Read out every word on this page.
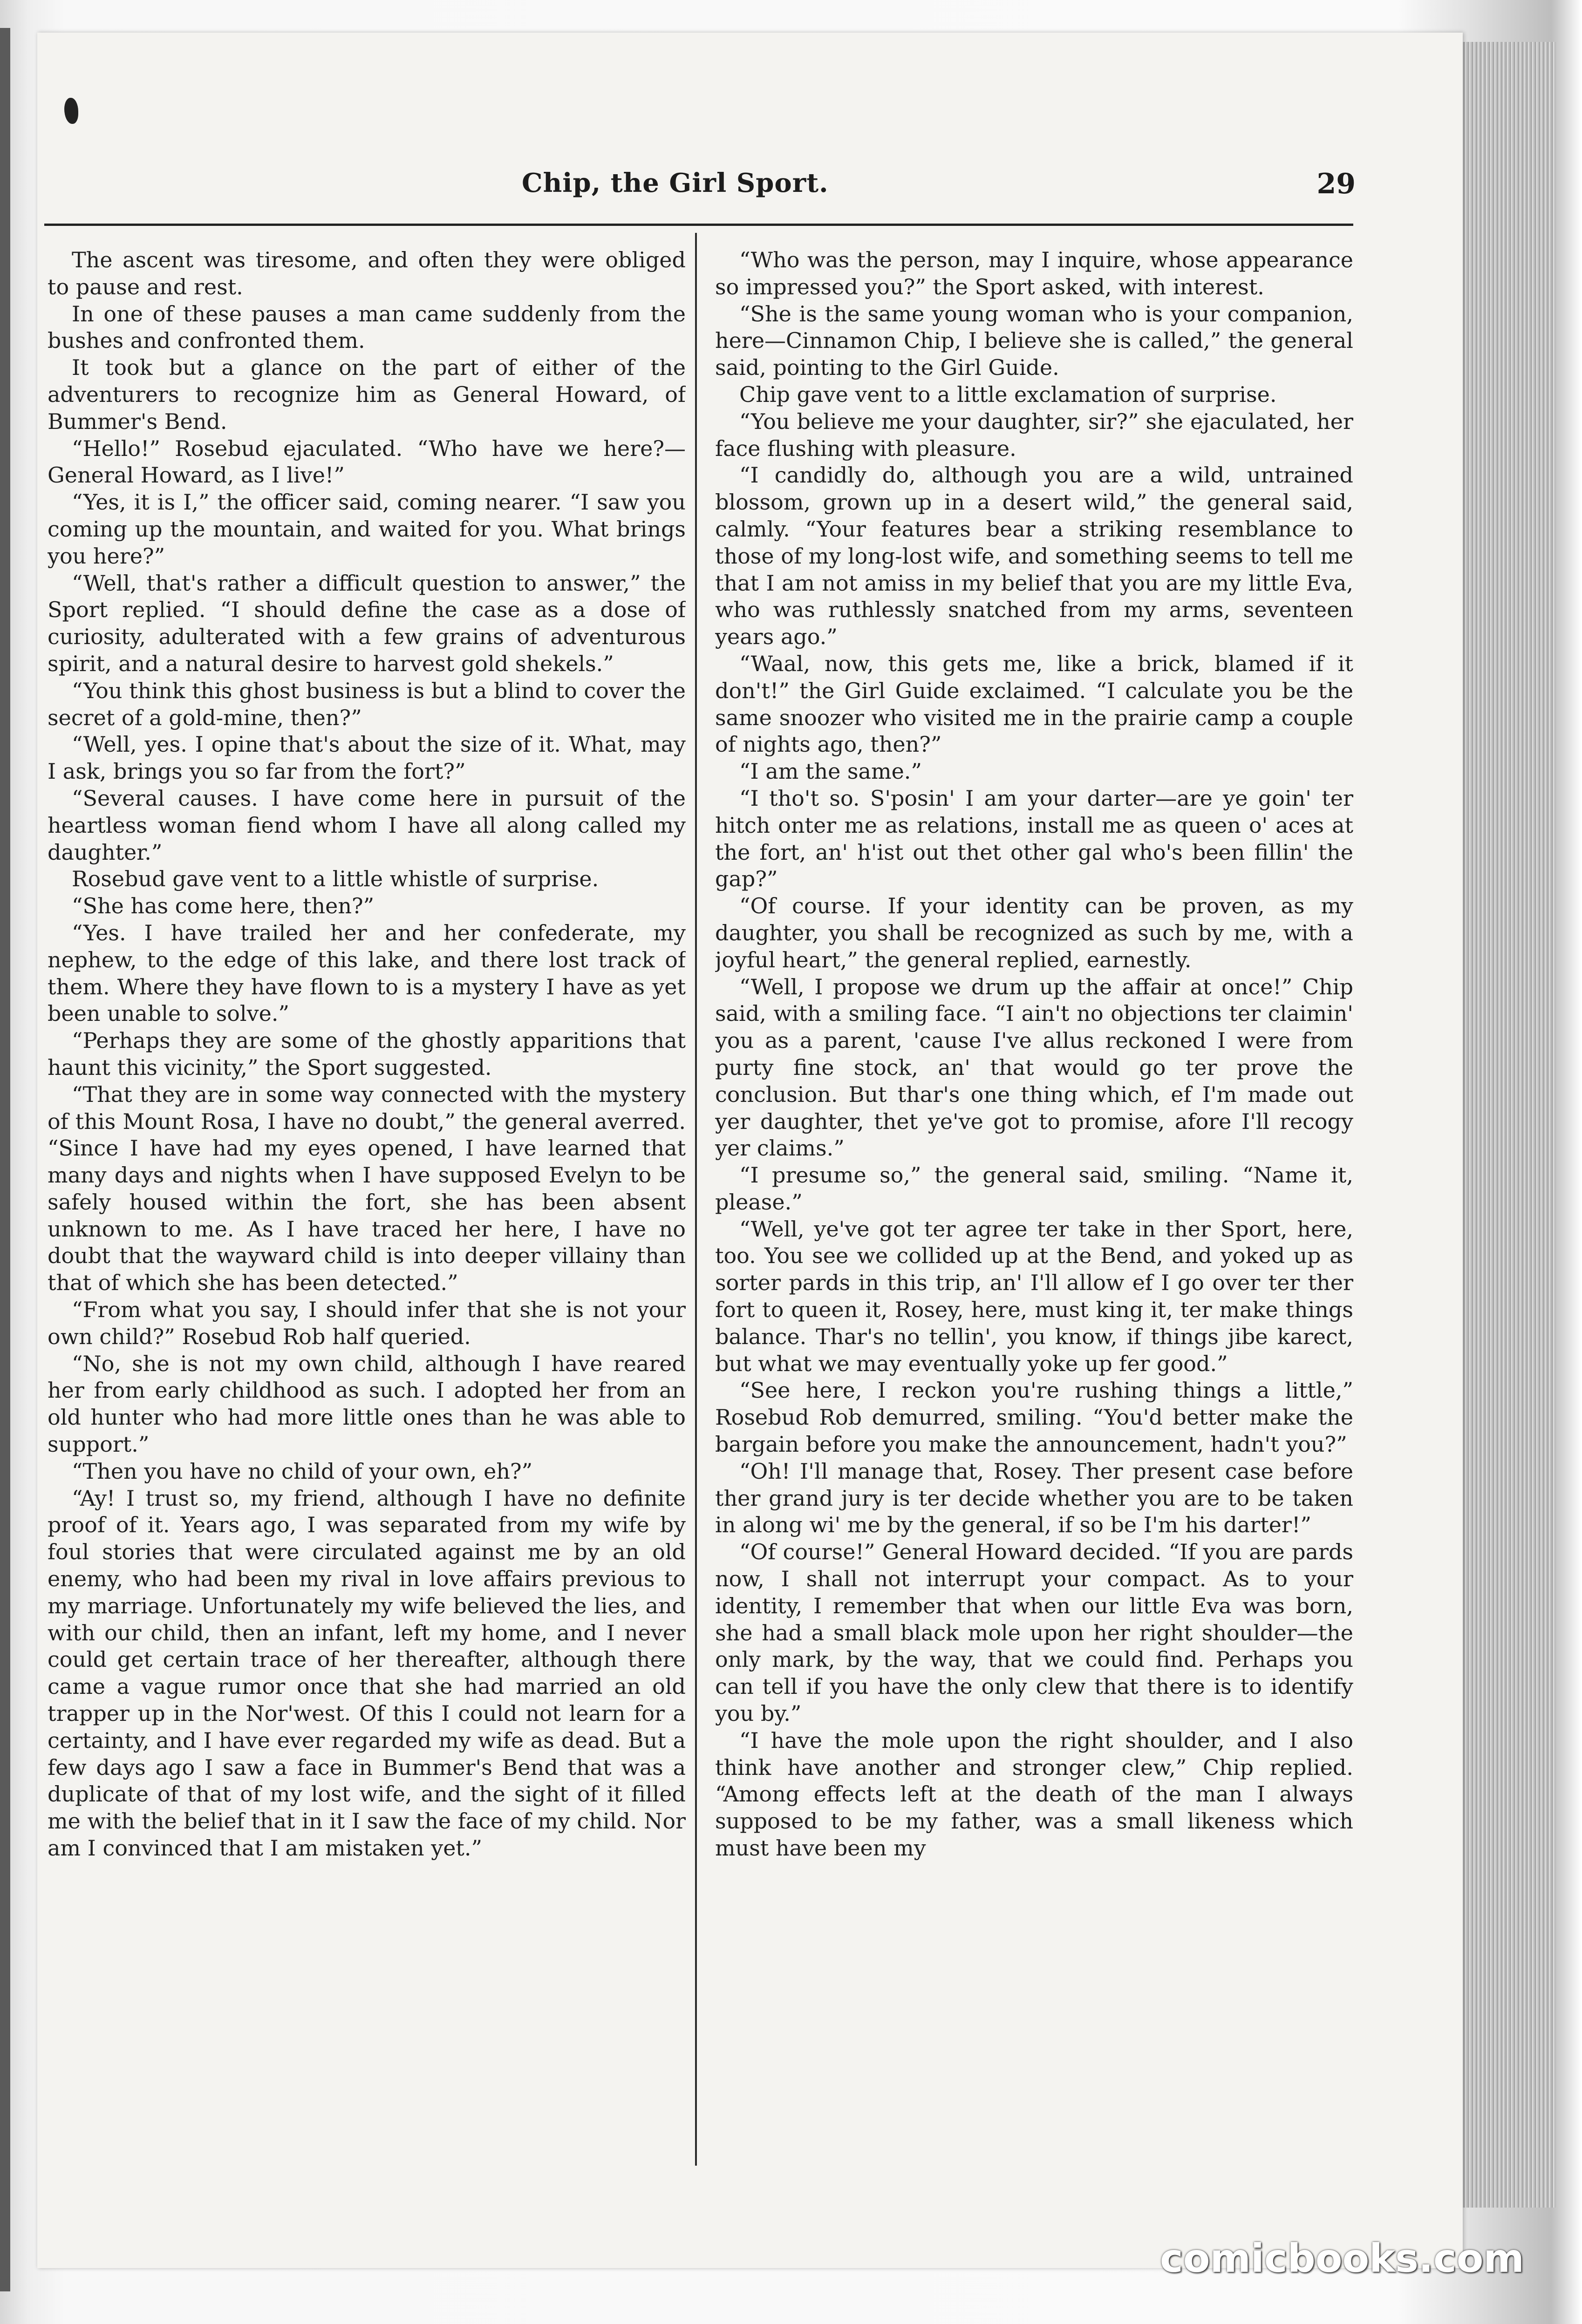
Chip, the Girl Sport.	29

The ascent was tiresome, and often they were obliged to pause and rest.

In one of these pauses a man came suddenly from the bushes and confronted them.

It took but a glance on the part of either of the adventurers to recognize him as General Howard, of Bummer's Bend.

“Hello!” Rosebud ejaculated. “Who have we here?—General Howard, as I live!”

“Yes, it is I,” the officer said, coming nearer. “I saw you coming up the mountain, and waited for you. What brings you here?”

“Well, that's rather a difficult question to answer,” the Sport replied. “I should define the case as a dose of curiosity, adulterated with a few grains of adventurous spirit, and a natural desire to harvest gold shekels.”

“You think this ghost business is but a blind to cover the secret of a gold-mine, then?”

“Well, yes. I opine that's about the size of it. What, may I ask, brings you so far from the fort?”

“Several causes. I have come here in pursuit of the heartless woman fiend whom I have all along called my daughter.”

Rosebud gave vent to a little whistle of surprise.

“She has come here, then?”

“Yes. I have trailed her and her confederate, my nephew, to the edge of this lake, and there lost track of them. Where they have flown to is a mystery I have as yet been unable to solve.”

“Perhaps they are some of the ghostly apparitions that haunt this vicinity,” the Sport suggested.

“That they are in some way connected with the mystery of this Mount Rosa, I have no doubt,” the general averred. “Since I have had my eyes opened, I have learned that many days and nights when I have supposed Evelyn to be safely housed within the fort, she has been absent unknown to me. As I have traced her here, I have no doubt that the wayward child is into deeper villainy than that of which she has been detected.”

“From what you say, I should infer that she is not your own child?” Rosebud Rob half queried.

“No, she is not my own child, although I have reared her from early childhood as such. I adopted her from an old hunter who had more little ones than he was able to support.”

“Then you have no child of your own, eh?”

“Ay! I trust so, my friend, although I have no definite proof of it. Years ago, I was separated from my wife by foul stories that were circulated against me by an old enemy, who had been my rival in love affairs previous to my marriage. Unfortunately my wife believed the lies, and with our child, then an infant, left my home, and I never could get certain trace of her thereafter, although there came a vague rumor once that she had married an old trapper up in the Nor'west. Of this I could not learn for a certainty, and I have ever regarded my wife as dead. But a few days ago I saw a face in Bummer's Bend that was a duplicate of that of my lost wife, and the sight of it filled me with the belief that in it I saw the face of my child. Nor am I convinced that I am mistaken yet.”

“Who was the person, may I inquire, whose appearance so impressed you?” the Sport asked, with interest.

“She is the same young woman who is your companion, here—Cinnamon Chip, I believe she is called,” the general said, pointing to the Girl Guide.

Chip gave vent to a little exclamation of surprise.

“You believe me your daughter, sir?” she ejaculated, her face flushing with pleasure.

“I candidly do, although you are a wild, untrained blossom, grown up in a desert wild,” the general said, calmly. “Your features bear a striking resemblance to those of my long-lost wife, and something seems to tell me that I am not amiss in my belief that you are my little Eva, who was ruthlessly snatched from my arms, seventeen years ago.”

“Waal, now, this gets me, like a brick, blamed if it don't!” the Girl Guide exclaimed. “I calculate you be the same snoozer who visited me in the prairie camp a couple of nights ago, then?”

“I am the same.”

“I tho't so. S'posin' I am your darter—are ye goin' ter hitch onter me as relations, install me as queen o' aces at the fort, an' h'ist out thet other gal who's been fillin' the gap?”

“Of course. If your identity can be proven, as my daughter, you shall be recognized as such by me, with a joyful heart,” the general replied, earnestly.

“Well, I propose we drum up the affair at once!” Chip said, with a smiling face. “I ain't no objections ter claimin' you as a parent, 'cause I've allus reckoned I were from purty fine stock, an' that would go ter prove the conclusion. But thar's one thing which, ef I'm made out yer daughter, thet ye've got to promise, afore I'll recogy yer claims.”

“I presume so,” the general said, smiling. “Name it, please.”

“Well, ye've got ter agree ter take in ther Sport, here, too. You see we collided up at the Bend, and yoked up as sorter pards in this trip, an' I'll allow ef I go over ter ther fort to queen it, Rosey, here, must king it, ter make things balance. Thar's no tellin', you know, if things jibe karect, but what we may eventually yoke up fer good.”

“See here, I reckon you're rushing things a little,” Rosebud Rob demurred, smiling. “You'd better make the bargain before you make the announcement, hadn't you?”

“Oh! I'll manage that, Rosey. Ther present case before ther grand jury is ter decide whether you are to be taken in along wi' me by the general, if so be I'm his darter!”

“Of course!” General Howard decided. “If you are pards now, I shall not interrupt your compact. As to your identity, I remember that when our little Eva was born, she had a small black mole upon her right shoulder—the only mark, by the way, that we could find. Perhaps you can tell if you have the only clew that there is to identify you by.”

“I have the mole upon the right shoulder, and I also think have another and stronger clew,” Chip replied. “Among effects left at the death of the man I always supposed to be my father, was a small likeness which must have been my

comicbooks.com
